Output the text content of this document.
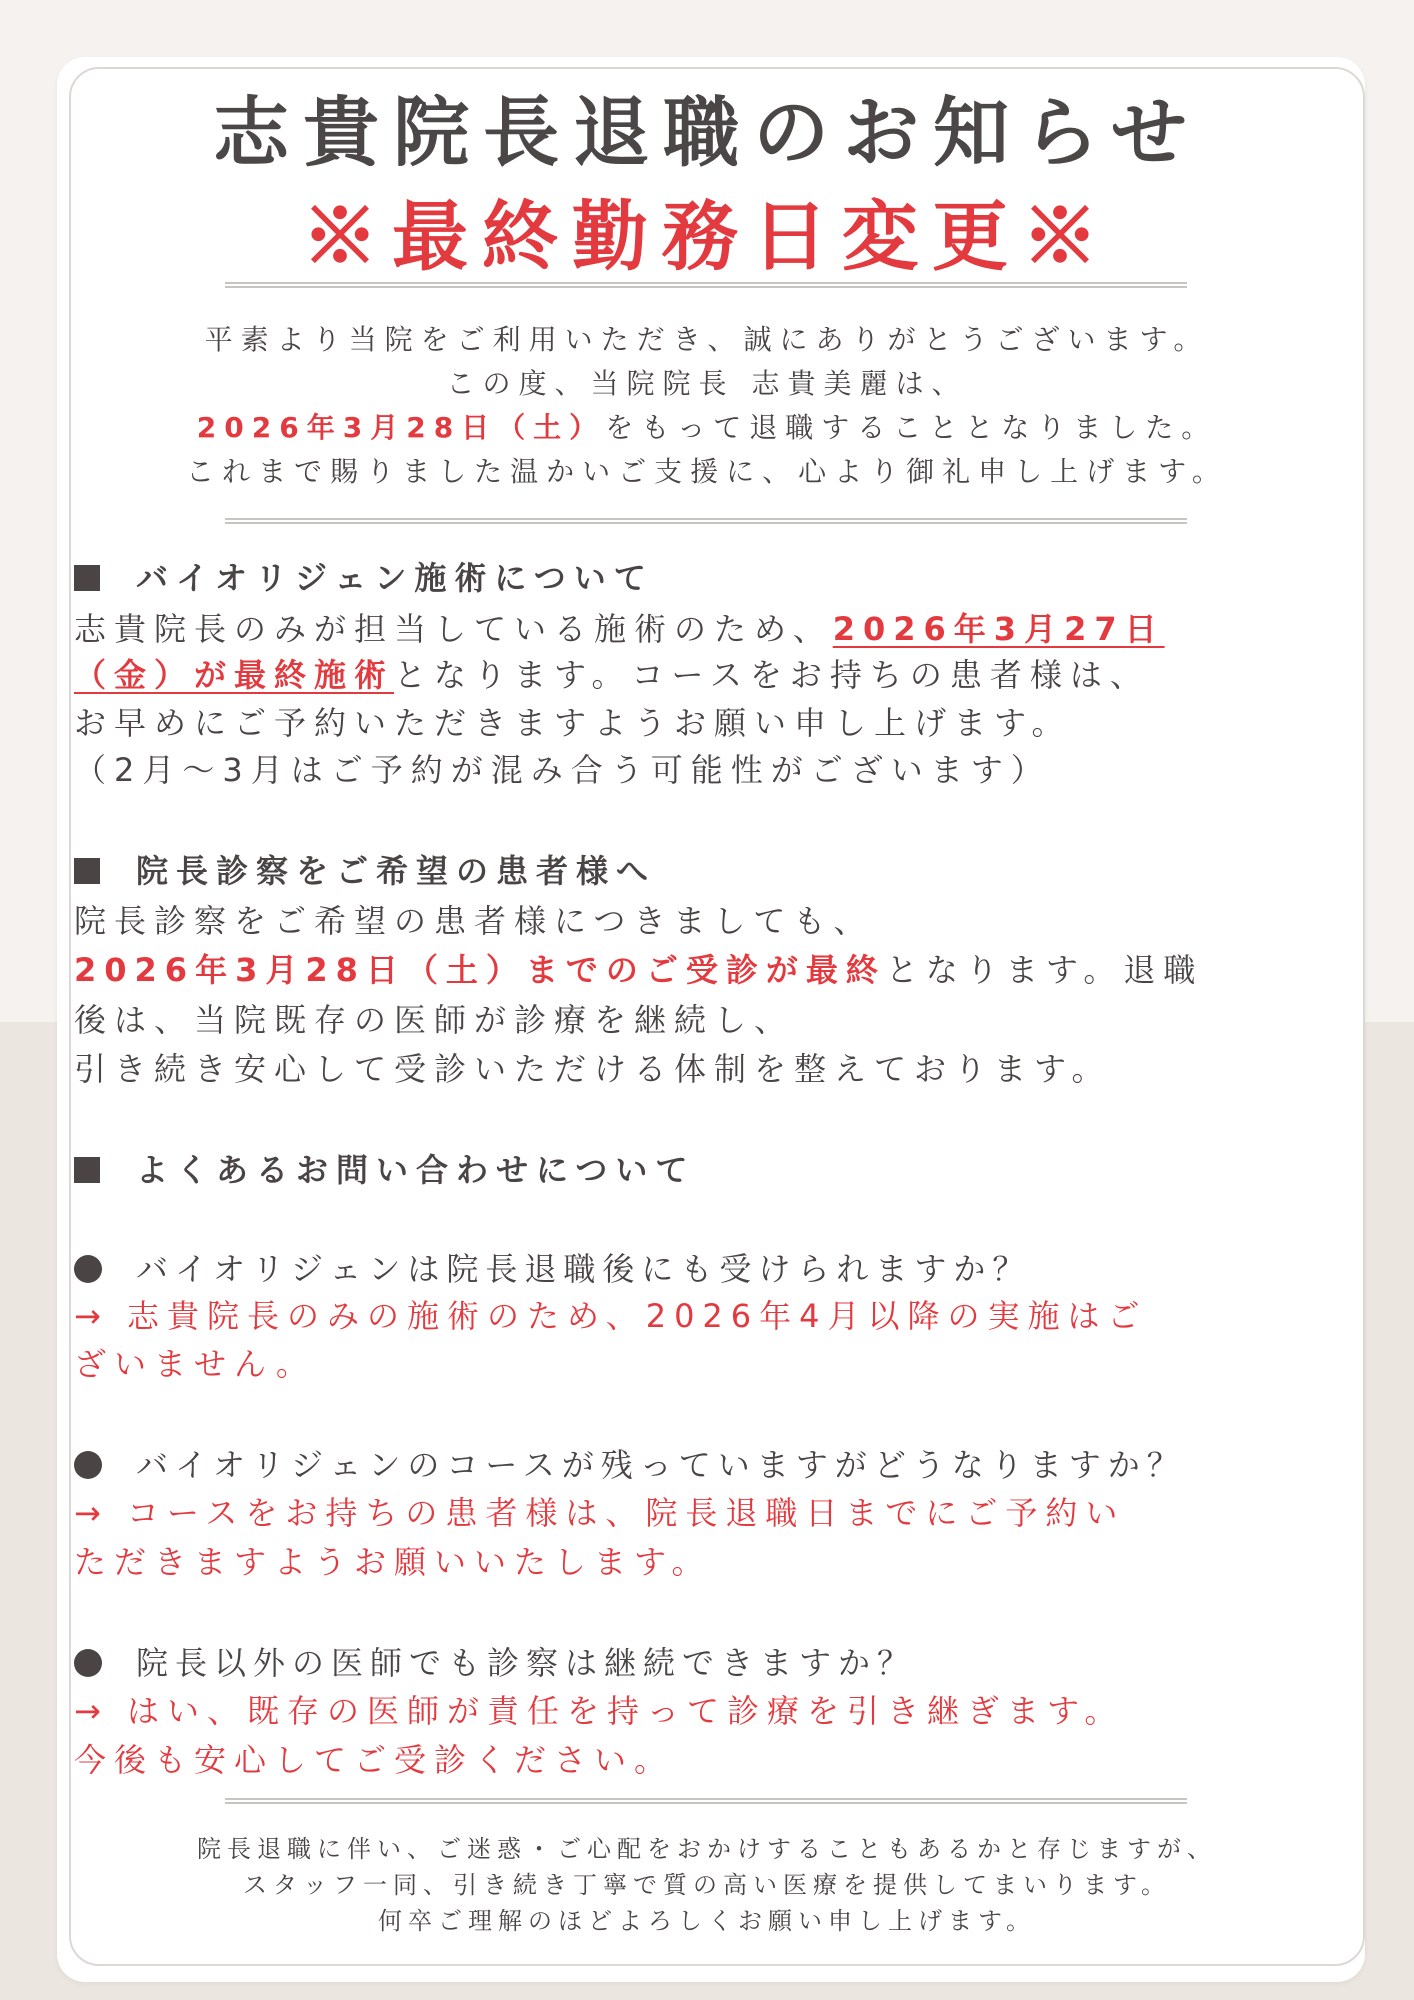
志貴院長退職のお知らせ
※最終勤務日変更※

平素より当院をご利用いただき、誠にありがとうございます。

この度、当院院長 志貴美麗は、

2026年3月28日（土）をもって退職することとなりました。

これまで賜りました温かいご支援に、心より御礼申し上げます。

バイオリジェン施術について

志貴院長のみが担当している施術のため、2026年3月27日

（金）が最終施術となります。コースをお持ちの患者様は、

お早めにご予約いただきますようお願い申し上げます。

（2月〜3月はご予約が混み合う可能性がございます）

院長診察をご希望の患者様へ

院長診察をご希望の患者様につきましても、

2026年3月28日（土）までのご受診が最終となります。退職

後は、当院既存の医師が診療を継続し、

引き続き安心して受診いただける体制を整えております。

よくあるお問い合わせについて
バイオリジェンは院長退職後にも受けられますか？

→ 志貴院長のみの施術のため、2026年4月以降の実施はご

ざいません。

バイオリジェンのコースが残っていますがどうなりますか？

→ コースをお持ちの患者様は、院長退職日までにご予約い

ただきますようお願いいたします。

院長以外の医師でも診察は継続できますか？

→ はい、既存の医師が責任を持って診療を引き継ぎます。

今後も安心してご受診ください。

院長退職に伴い、ご迷惑・ご心配をおかけすることもあるかと存じますが、

スタッフ一同、引き続き丁寧で質の高い医療を提供してまいります。

何卒ご理解のほどよろしくお願い申し上げます。
